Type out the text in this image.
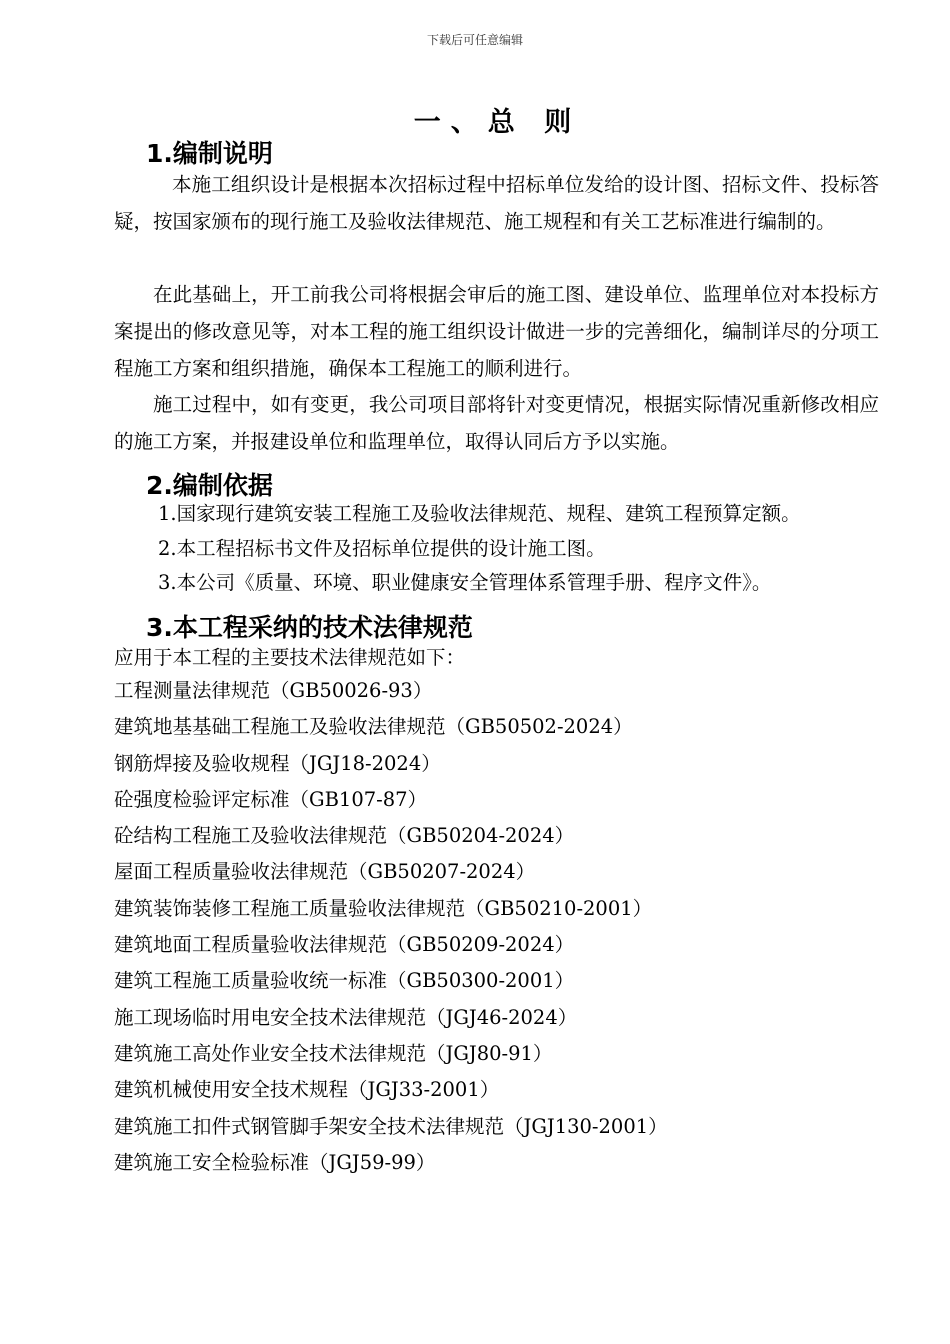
下载后可任意编辑
一、总 则
1.编制说明

本施工组织设计是根据本次招标过程中招标单位发给的设计图、招标文件、投标答疑，按国家颁布的现行施工及验收法律规范、施工规程和有关工艺标准进行编制的。

在此基础上，开工前我公司将根据会审后的施工图、建设单位、监理单位对本投标方案提出的修改意见等，对本工程的施工组织设计做进一步的完善细化，编制详尽的分项工程施工方案和组织措施，确保本工程施工的顺利进行。

施工过程中，如有变更，我公司项目部将针对变更情况，根据实际情况重新修改相应的施工方案，并报建设单位和监理单位，取得认同后方予以实施。

2.编制依据
1.国家现行建筑安装工程施工及验收法律规范、规程、建筑工程预算定额。
2.本工程招标书文件及招标单位提供的设计施工图。
3.本公司《质量、环境、职业健康安全管理体系管理手册、程序文件》。
3.本工程采纳的技术法律规范
应用于本工程的主要技术法律规范如下：
工程测量法律规范（GB50026-93）
建筑地基基础工程施工及验收法律规范（GB50502-2024）
钢筋焊接及验收规程（JGJ18-2024）
砼强度检验评定标准（GB107-87）
砼结构工程施工及验收法律规范（GB50204-2024）
屋面工程质量验收法律规范（GB50207-2024）
建筑装饰装修工程施工质量验收法律规范（GB50210-2001）
建筑地面工程质量验收法律规范（GB50209-2024）
建筑工程施工质量验收统一标准（GB50300-2001）
施工现场临时用电安全技术法律规范（JGJ46-2024）
建筑施工高处作业安全技术法律规范（JGJ80-91）
建筑机械使用安全技术规程（JGJ33-2001）
建筑施工扣件式钢管脚手架安全技术法律规范（JGJ130-2001）
建筑施工安全检验标准（JGJ59-99）
